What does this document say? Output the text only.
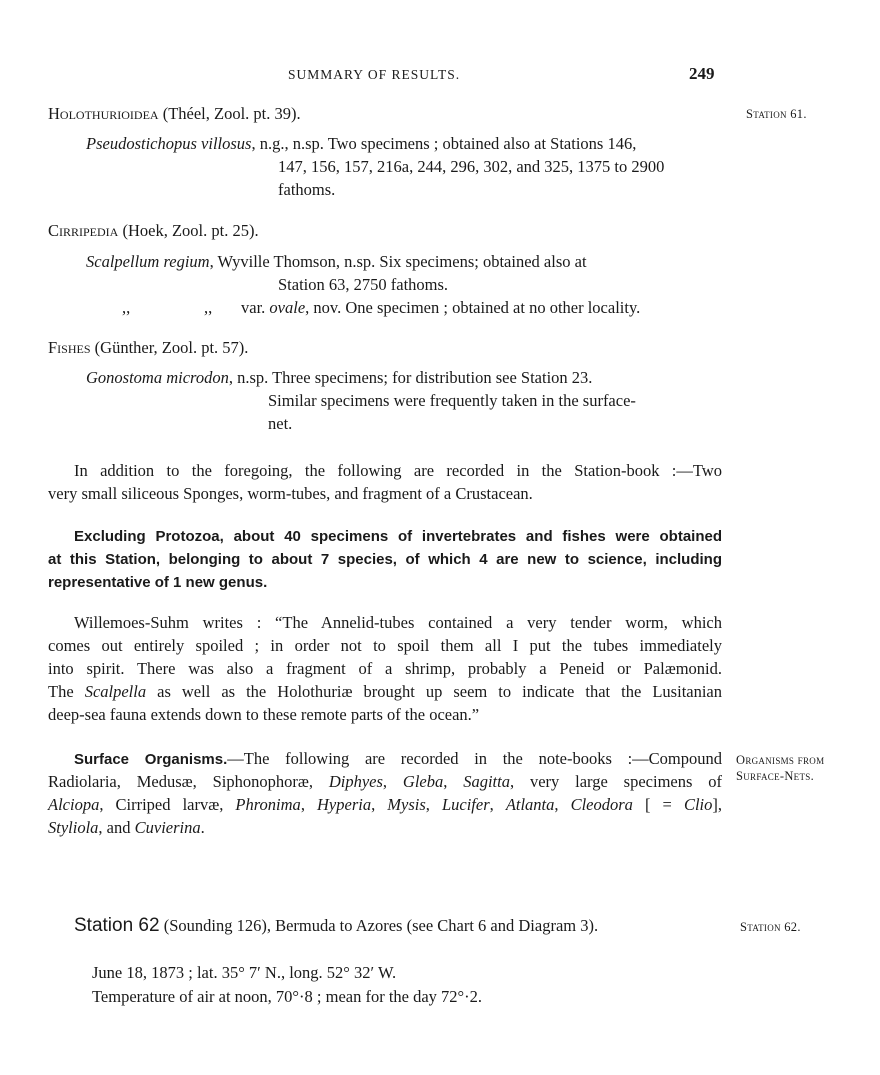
SUMMARY OF RESULTS.	249
Station 61.
Organisms from
Surface-Nets.
Station 62.
Holothurioidea (Théel, Zool. pt. 39).
Pseudostichopus villosus, n.g., n.sp. Two specimens ; obtained also at Stations 146,
147, 156, 157, 216a, 244, 296, 302, and 325, 1375 to 2900
fathoms.
Cirripedia (Hoek, Zool. pt. 25).
Scalpellum regium, Wyville Thomson, n.sp. Six specimens; obtained also at
Station 63, 2750 fathoms.
,,	,, var. ovale, nov. One specimen ; obtained at no other locality.
Fishes (Günther, Zool. pt. 57).
Gonostoma microdon, n.sp. Three specimens; for distribution see Station 23.
Similar specimens were frequently taken in the surface-
net.
In addition to the foregoing, the following are recorded in the Station-book :—Two
very small siliceous Sponges, worm-tubes, and fragment of a Crustacean.
Excluding Protozoa, about 40 specimens of invertebrates and fishes were obtained
at this Station, belonging to about 7 species, of which 4 are new to science, including
representative of 1 new genus.
Willemoes-Suhm writes : “The Annelid-tubes contained a very tender worm, which
comes out entirely spoiled ; in order not to spoil them all I put the tubes immediately
into spirit. There was also a fragment of a shrimp, probably a Peneid or Palæmonid.
The Scalpella as well as the Holothuriæ brought up seem to indicate that the Lusitanian
deep-sea fauna extends down to these remote parts of the ocean.”
Surface Organisms.—The following are recorded in the note-books :—Compound
Radiolaria, Medusæ, Siphonophoræ, Diphyes, Gleba, Sagitta, very large specimens of
Alciopa, Cirriped larvæ, Phronima, Hyperia, Mysis, Lucifer, Atlanta, Cleodora [ = Clio],
Styliola, and Cuvierina.
Station 62 (Sounding 126), Bermuda to Azores (see Chart 6 and Diagram 3).
June 18, 1873 ; lat. 35° 7′ N., long. 52° 32′ W.
Temperature of air at noon, 70°·8 ; mean for the day 72°·2.
